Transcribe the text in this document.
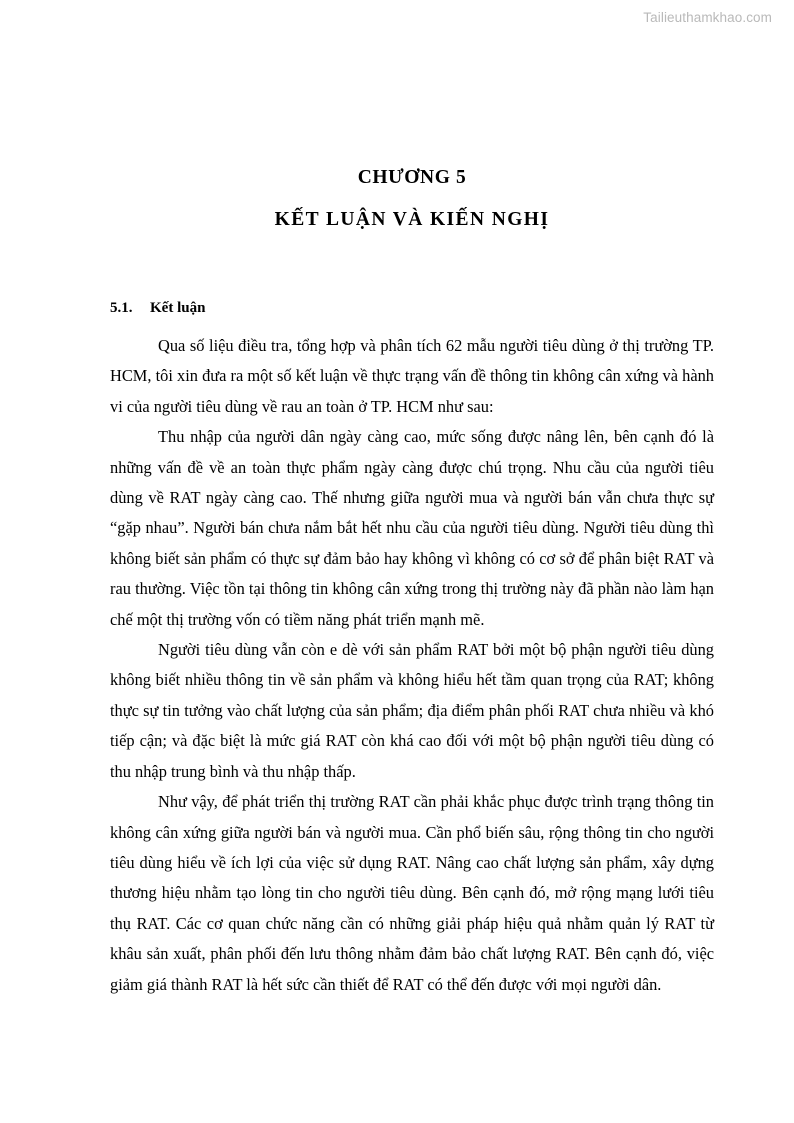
Tailieuthamkhao.com
CHƯƠNG 5
KẾT LUẬN VÀ KIẾN NGHỊ
5.1. Kết luận

Qua số liệu điều tra, tổng hợp và phân tích 62 mẫu người tiêu dùng ở thị trường TP. HCM, tôi xin đưa ra một số kết luận về thực trạng vấn đề thông tin không cân xứng và hành vi của người tiêu dùng về rau an toàn ở TP. HCM như sau:

Thu nhập của người dân ngày càng cao, mức sống được nâng lên, bên cạnh đó là những vấn đề về an toàn thực phẩm ngày càng được chú trọng. Nhu cầu của người tiêu dùng về RAT ngày càng cao. Thế nhưng giữa người mua và người bán vẫn chưa thực sự “gặp nhau”. Người bán chưa nắm bắt hết nhu cầu của người tiêu dùng. Người tiêu dùng thì không biết sản phẩm có thực sự đảm bảo hay không vì không có cơ sở để phân biệt RAT và rau thường. Việc tồn tại thông tin không cân xứng trong thị trường này đã phần nào làm hạn chế một thị trường vốn có tiềm năng phát triển mạnh mẽ.

Người tiêu dùng vẫn còn e dè với sản phẩm RAT bởi một bộ phận người tiêu dùng không biết nhiều thông tin về sản phẩm và không hiểu hết tầm quan trọng của RAT; không thực sự tin tưởng vào chất lượng của sản phẩm; địa điểm phân phối RAT chưa nhiều và khó tiếp cận; và đặc biệt là mức giá RAT còn khá cao đối với một bộ phận người tiêu dùng có thu nhập trung bình và thu nhập thấp.

Như vậy, để phát triển thị trường RAT cần phải khắc phục được trình trạng thông tin không cân xứng giữa người bán và người mua. Cần phổ biến sâu, rộng thông tin cho người tiêu dùng hiểu về ích lợi của việc sử dụng RAT. Nâng cao chất lượng sản phẩm, xây dựng thương hiệu nhằm tạo lòng tin cho người tiêu dùng. Bên cạnh đó, mở rộng mạng lưới tiêu thụ RAT. Các cơ quan chức năng cần có những giải pháp hiệu quả nhằm quản lý RAT từ khâu sản xuất, phân phối đến lưu thông nhằm đảm bảo chất lượng RAT. Bên cạnh đó, việc giảm giá thành RAT là hết sức cần thiết để RAT có thể đến được với mọi người dân.
